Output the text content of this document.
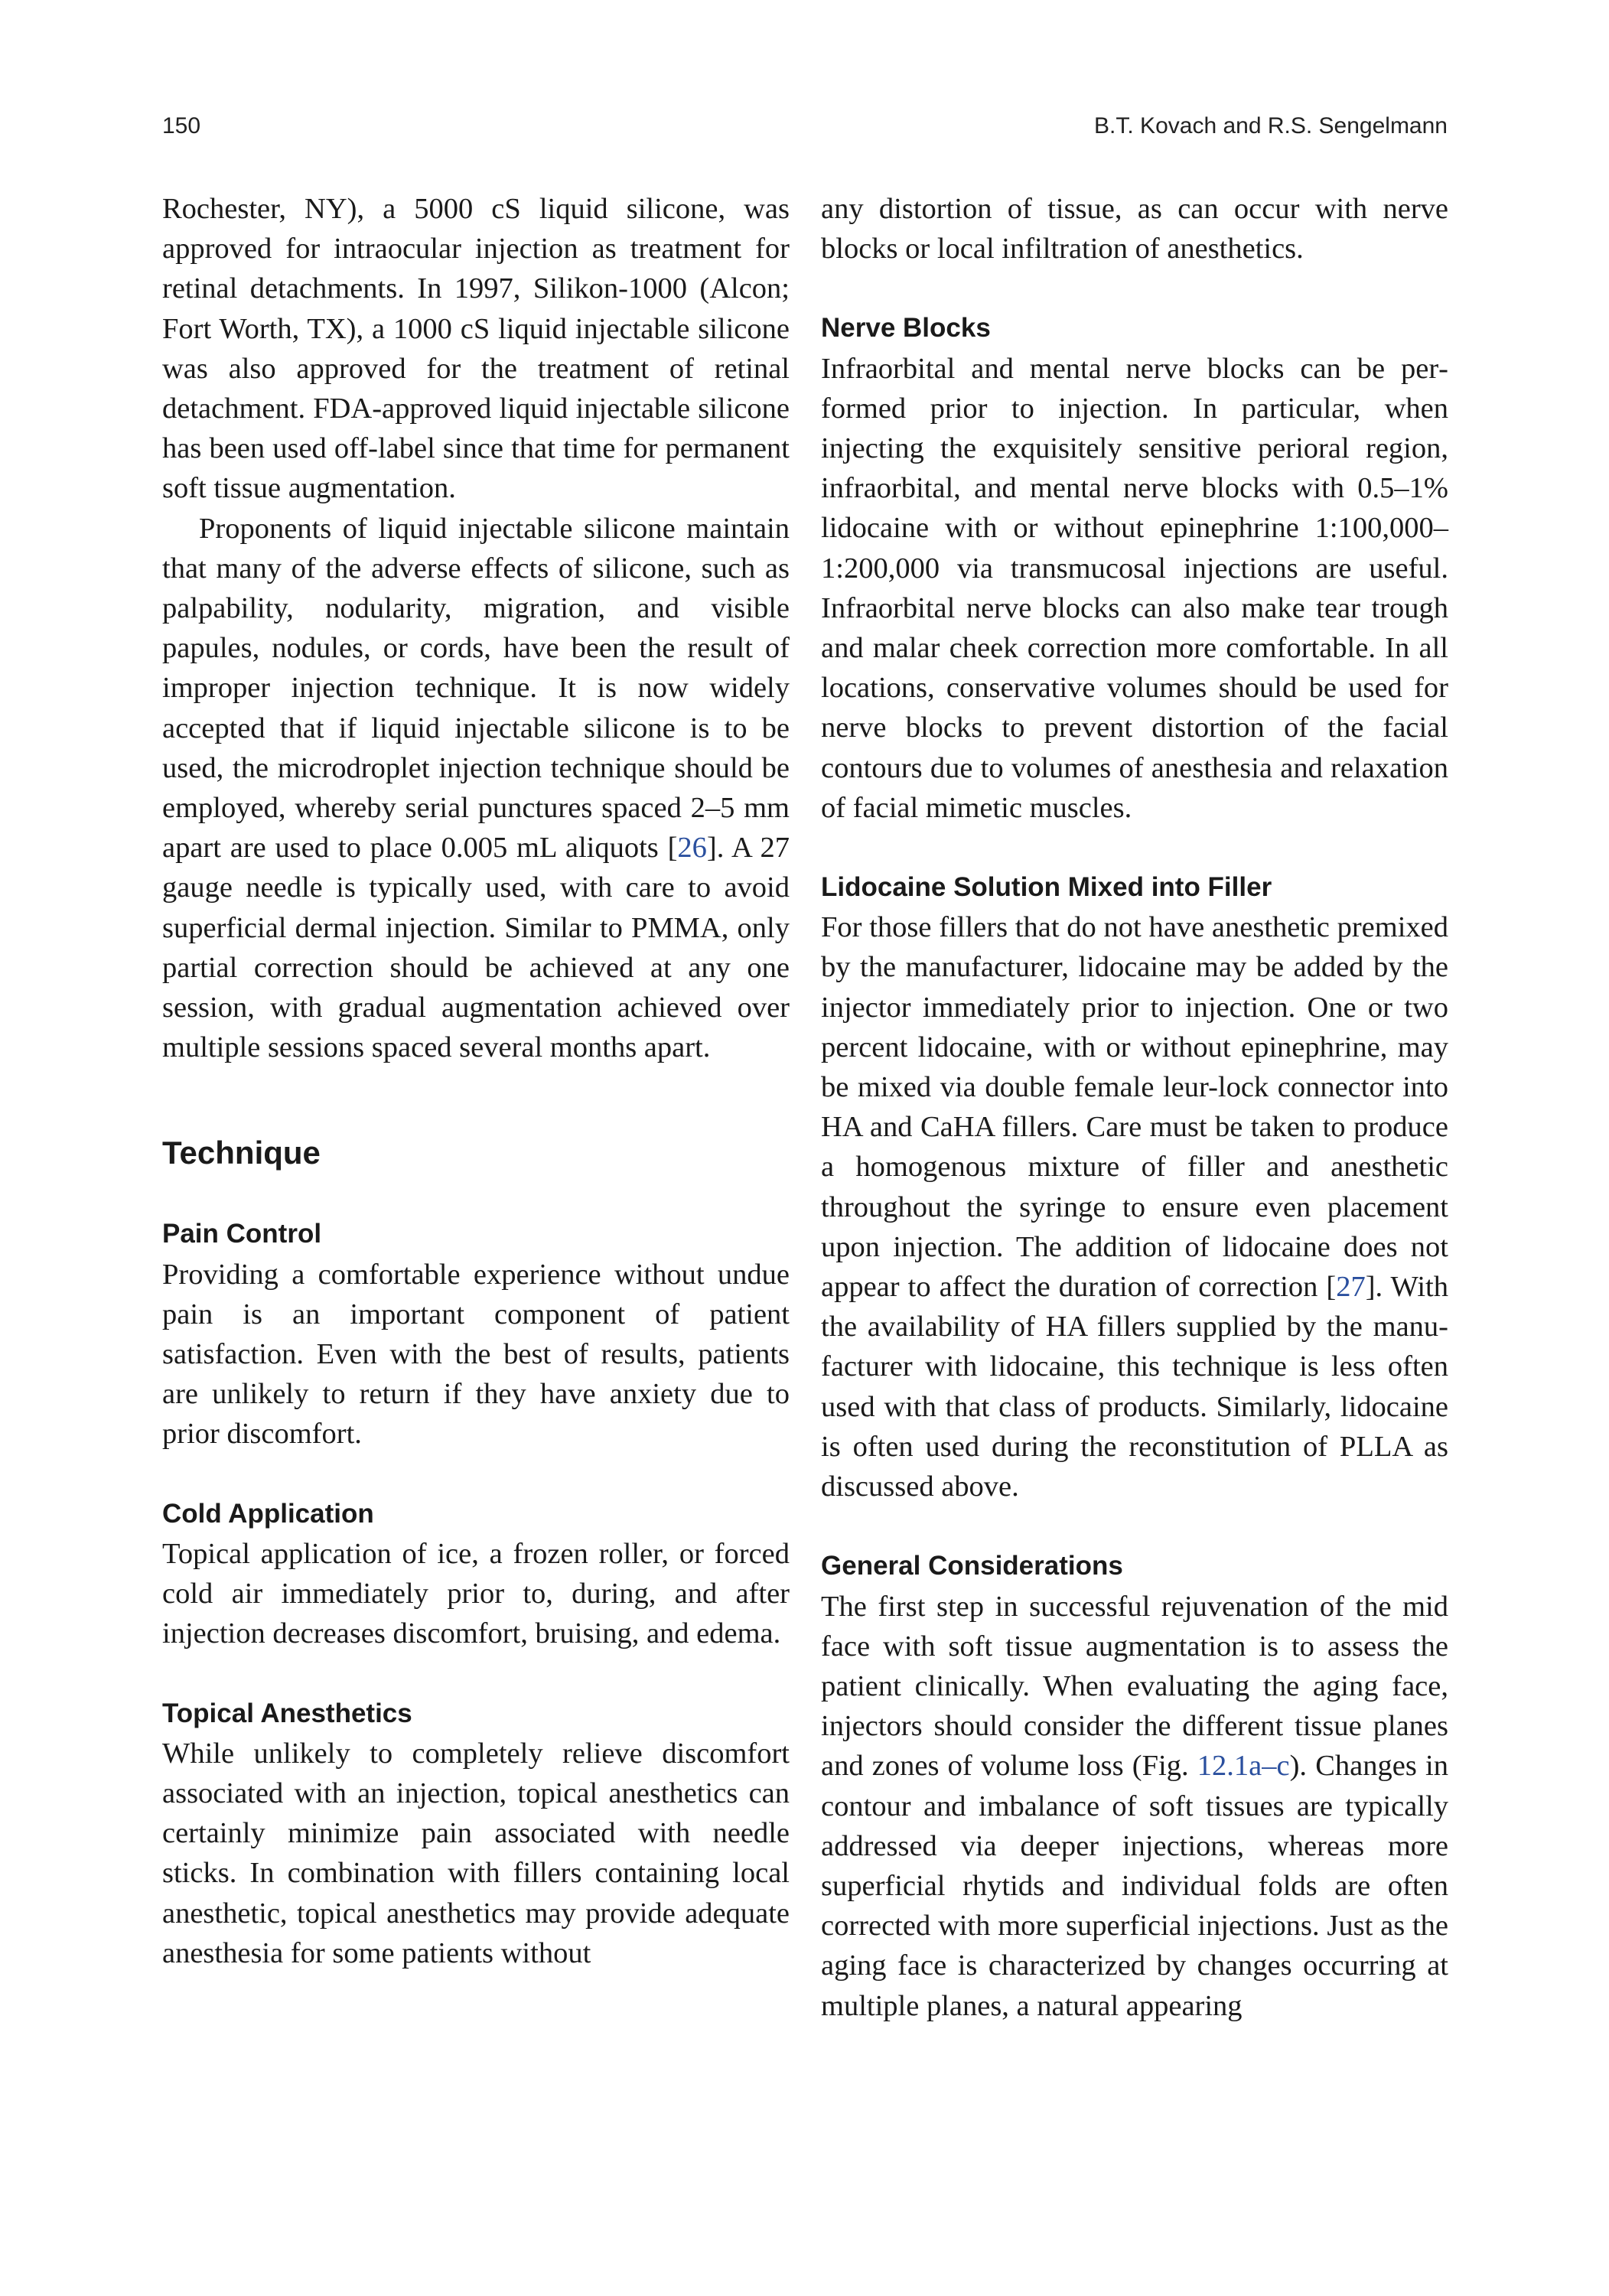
150	B.T. Kovach and R.S. Sengelmann

Rochester, NY), a 5000 cS liquid silicone, was approved for intraocular injection as treatment for retinal detachments. In 1997, Silikon-1000 (Alcon; Fort Worth, TX), a 1000 cS liquid injectable silicone was also approved for the treatment of retinal detachment. FDA-approved liquid injectable silicone has been used off-label since that time for permanent soft tissue augmentation.

Proponents of liquid injectable silicone maintain that many of the adverse effects of silicone, such as palpability, nodularity, migration, and visible papules, nodules, or cords, have been the result of improper injection technique. It is now widely accepted that if liquid injectable silicone is to be used, the microdroplet injection technique should be employed, whereby serial punctures spaced 2–5 mm apart are used to place 0.005 mL aliquots [26]. A 27 gauge needle is typically used, with care to avoid superficial dermal injection. Similar to PMMA, only partial correction should be achieved at any one session, with gradual augmentation achieved over multiple sessions spaced several months apart.

Technique
Pain Control

Providing a comfortable experience without undue pain is an important component of patient satisfaction. Even with the best of results, patients are unlikely to return if they have anxiety due to prior discomfort.

Cold Application

Topical application of ice, a frozen roller, or forced cold air immediately prior to, during, and after injection decreases discomfort, bruising, and edema.

Topical Anesthetics

While unlikely to completely relieve discomfort associated with an injection, topical anesthetics can certainly minimize pain associated with needle sticks. In combination with fillers containing local anesthetic, topical anesthetics may provide adequate anesthesia for some patients without

any distortion of tissue, as can occur with nerve blocks or local infiltration of anesthetics.

Nerve Blocks

Infraorbital and mental nerve blocks can be performed prior to injection. In particular, when injecting the exquisitely sensitive perioral region, infraorbital, and mental nerve blocks with 0.5–1% lidocaine with or without epinephrine 1:100,000– 1:200,000 via transmucosal injections are useful. Infraorbital nerve blocks can also make tear trough and malar cheek correction more comfortable. In all locations, conservative volumes should be used for nerve blocks to prevent distortion of the facial contours due to volumes of anesthesia and relaxation of facial mimetic muscles.

Lidocaine Solution Mixed into Filler

For those fillers that do not have anesthetic premixed by the manufacturer, lidocaine may be added by the injector immediately prior to injection. One or two percent lidocaine, with or without epinephrine, may be mixed via double female leur-lock connector into HA and CaHA fillers. Care must be taken to produce a homogenous mixture of filler and anesthetic throughout the syringe to ensure even placement upon injection. The addition of lidocaine does not appear to affect the duration of correction [27]. With the availability of HA fillers supplied by the manufacturer with lidocaine, this technique is less often used with that class of products. Similarly, lidocaine is often used during the reconstitution of PLLA as discussed above.

General Considerations

The first step in successful rejuvenation of the mid face with soft tissue augmentation is to assess the patient clinically. When evaluating the aging face, injectors should consider the different tissue planes and zones of volume loss (Fig. 12.1a–c). Changes in contour and imbalance of soft tissues are typically addressed via deeper injections, whereas more superficial rhytids and individual folds are often corrected with more superficial injections. Just as the aging face is characterized by changes occurring at multiple planes, a natural appearing
